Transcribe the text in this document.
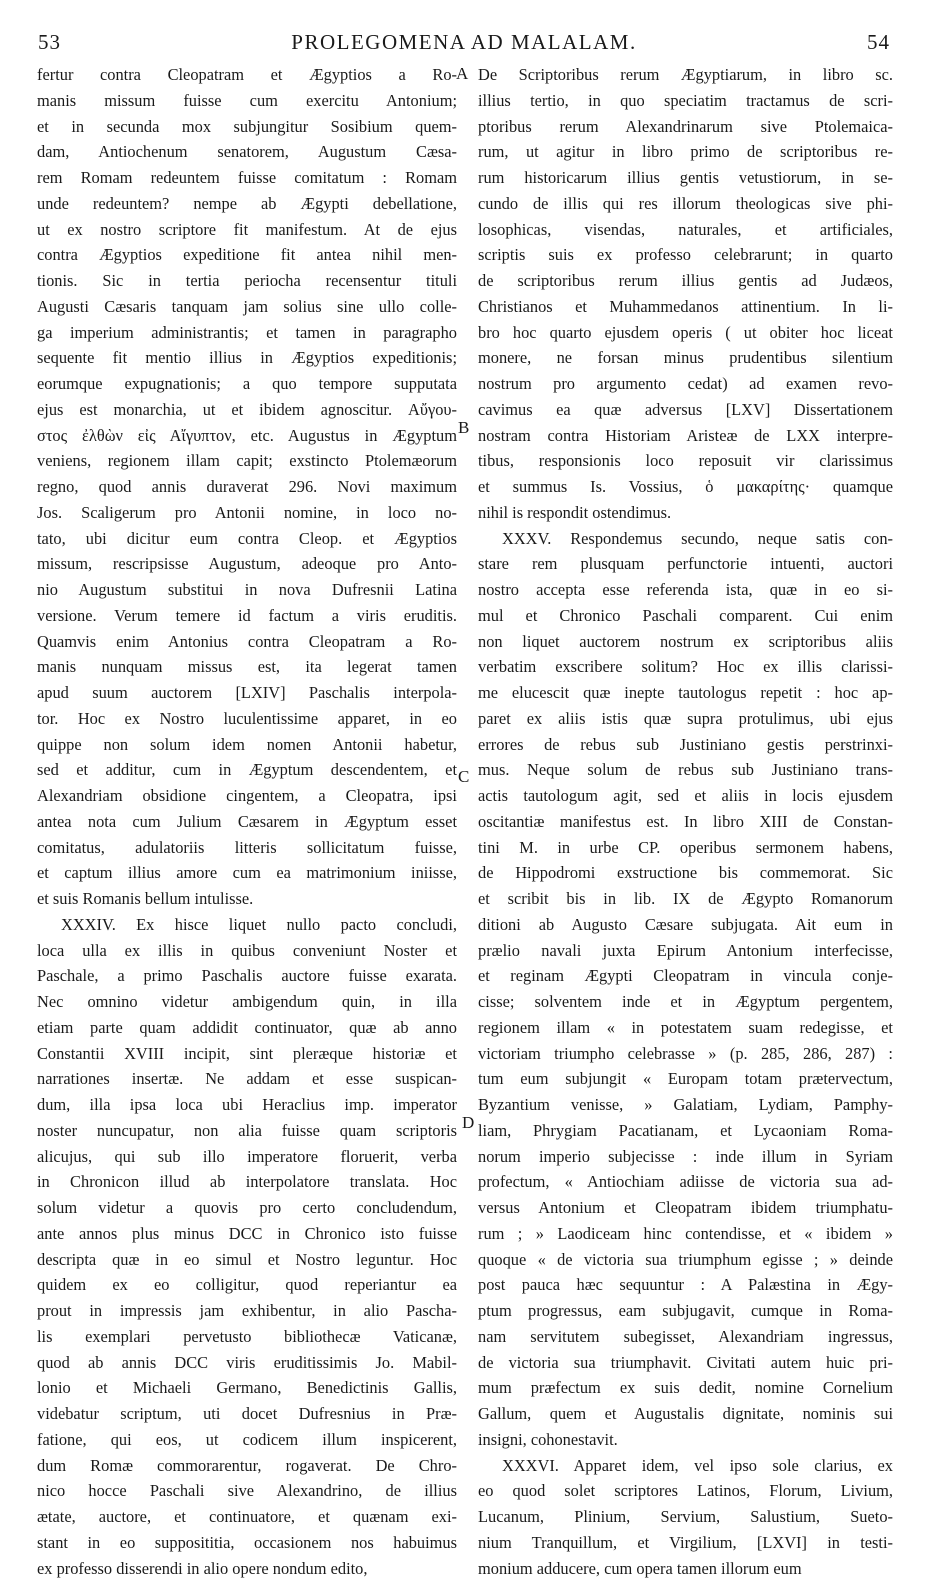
53	PROLEGOMENA AD MALALAM.	54
A
B
C
D
fertur contra Cleopatram et Ægyptios a Ro-
manis missum fuisse cum exercitu Antonium;
et in secunda mox subjungitur Sosibium quem-
dam, Antiochenum senatorem, Augustum Cæsa-
rem Romam redeuntem fuisse comitatum : Romam
unde redeuntem? nempe ab Ægypti debellatione,
ut ex nostro scriptore fit manifestum. At de ejus
contra Ægyptios expeditione fit antea nihil men-
tionis. Sic in tertia periocha recensentur tituli
Augusti Cæsaris tanquam jam solius sine ullo colle-
ga imperium administrantis; et tamen in paragrapho
sequente fit mentio illius in Ægyptios expeditionis;
eorumque expugnationis; a quo tempore supputata
ejus est monarchia, ut et ibidem agnoscitur. Αὔγου-
στος ἐλθὼν εἰς Αἴγυπτον, etc. Augustus in Ægyptum
veniens, regionem illam capit; exstincto Ptolemæorum
regno, quod annis duraverat 296. Novi maximum
Jos. Scaligerum pro Antonii nomine, in loco no-
tato, ubi dicitur eum contra Cleop. et Ægyptios
missum, rescripsisse Augustum, adeoque pro Anto-
nio Augustum substitui in nova Dufresnii Latina
versione. Verum temere id factum a viris eruditis.
Quamvis enim Antonius contra Cleopatram a Ro-
manis nunquam missus est, ita legerat tamen
apud suum auctorem [LXIV] Paschalis interpola-
tor. Hoc ex Nostro luculentissime apparet, in eo
quippe non solum idem nomen Antonii habetur,
sed et additur, cum in Ægyptum descendentem, et
Alexandriam obsidione cingentem, a Cleopatra, ipsi
antea nota cum Julium Cæsarem in Ægyptum esset
comitatus, adulatoriis litteris sollicitatum fuisse,
et captum illius amore cum ea matrimonium iniisse,
et suis Romanis bellum intulisse.
XXXIV. Ex hisce liquet nullo pacto concludi,
loca ulla ex illis in quibus conveniunt Noster et
Paschale, a primo Paschalis auctore fuisse exarata.
Nec omnino videtur ambigendum quin, in illa
etiam parte quam addidit continuator, quæ ab anno
Constantii XVIII incipit, sint pleræque historiæ et
narrationes insertæ. Ne addam et esse suspican-
dum, illa ipsa loca ubi Heraclius imp. imperator
noster nuncupatur, non alia fuisse quam scriptoris
alicujus, qui sub illo imperatore floruerit, verba
in Chronicon illud ab interpolatore translata. Hoc
solum videtur a quovis pro certo concludendum,
ante annos plus minus DCC in Chronico isto fuisse
descripta quæ in eo simul et Nostro leguntur. Hoc
quidem ex eo colligitur, quod reperiantur ea
prout in impressis jam exhibentur, in alio Pascha-
lis exemplari pervetusto bibliothecæ Vaticanæ,
quod ab annis DCC viris eruditissimis Jo. Mabil-
lonio et Michaeli Germano, Benedictinis Gallis,
videbatur scriptum, uti docet Dufresnius in Præ-
fatione, qui eos, ut codicem illum inspicerent,
dum Romæ commorarentur, rogaverat. De Chro-
nico hocce Paschali sive Alexandrino, de illius
ætate, auctore, et continuatore, et quænam exi-
stant in eo supposititia, occasionem nos habuimus
ex professo disserendi in alio opere nondum edito,
De Scriptoribus rerum Ægyptiarum, in libro sc.
illius tertio, in quo speciatim tractamus de scri-
ptoribus rerum Alexandrinarum sive Ptolemaica-
rum, ut agitur in libro primo de scriptoribus re-
rum historicarum illius gentis vetustiorum, in se-
cundo de illis qui res illorum theologicas sive phi-
losophicas, visendas, naturales, et artificiales,
scriptis suis ex professo celebrarunt; in quarto
de scriptoribus rerum illius gentis ad Judæos,
Christianos et Muhammedanos attinentium. In li-
bro hoc quarto ejusdem operis ( ut obiter hoc liceat
monere, ne forsan minus prudentibus silentium
nostrum pro argumento cedat) ad examen revo-
cavimus ea quæ adversus [LXV] Dissertationem
nostram contra Historiam Aristeæ de LXX interpre-
tibus, responsionis loco reposuit vir clarissimus
et summus Is. Vossius, ὁ μακαρίτης· quamque
nihil is respondit ostendimus.
XXXV. Respondemus secundo, neque satis con-
stare rem plusquam perfunctorie intuenti, auctori
nostro accepta esse referenda ista, quæ in eo si-
mul et Chronico Paschali comparent. Cui enim
non liquet auctorem nostrum ex scriptoribus aliis
verbatim exscribere solitum? Hoc ex illis clarissi-
me elucescit quæ inepte tautologus repetit : hoc ap-
paret ex aliis istis quæ supra protulimus, ubi ejus
errores de rebus sub Justiniano gestis perstrinxi-
mus. Neque solum de rebus sub Justiniano trans-
actis tautologum agit, sed et aliis in locis ejusdem
oscitantiæ manifestus est. In libro XIII de Constan-
tini M. in urbe CP. operibus sermonem habens,
de Hippodromi exstructione bis commemorat. Sic
et scribit bis in lib. IX de Ægypto Romanorum
ditioni ab Augusto Cæsare subjugata. Ait eum in
prælio navali juxta Epirum Antonium interfecisse,
et reginam Ægypti Cleopatram in vincula conje-
cisse; solventem inde et in Ægyptum pergentem,
regionem illam « in potestatem suam redegisse, et
victoriam triumpho celebrasse » (p. 285, 286, 287) :
tum eum subjungit « Europam totam prætervectum,
Byzantium venisse, » Galatiam, Lydiam, Pamphy-
liam, Phrygiam Pacatianam, et Lycaoniam Roma-
norum imperio subjecisse : inde illum in Syriam
profectum, « Antiochiam adiisse de victoria sua ad-
versus Antonium et Cleopatram ibidem triumphatu-
rum ; » Laodiceam hinc contendisse, et « ibidem »
quoque « de victoria sua triumphum egisse ; » deinde
post pauca hæc sequuntur : A Palæstina in Ægy-
ptum progressus, eam subjugavit, cumque in Roma-
nam servitutem subegisset, Alexandriam ingressus,
de victoria sua triumphavit. Civitati autem huic pri-
mum præfectum ex suis dedit, nomine Cornelium
Gallum, quem et Augustalis dignitate, nominis sui
insigni, cohonestavit.
XXXVI. Apparet idem, vel ipso sole clarius, ex
eo quod solet scriptores Latinos, Florum, Livium,
Lucanum, Plinium, Servium, Salustium, Sueto-
nium Tranquillum, et Virgilium, [LXVI] in testi-
monium adducere, cum opera tamen illorum eum
